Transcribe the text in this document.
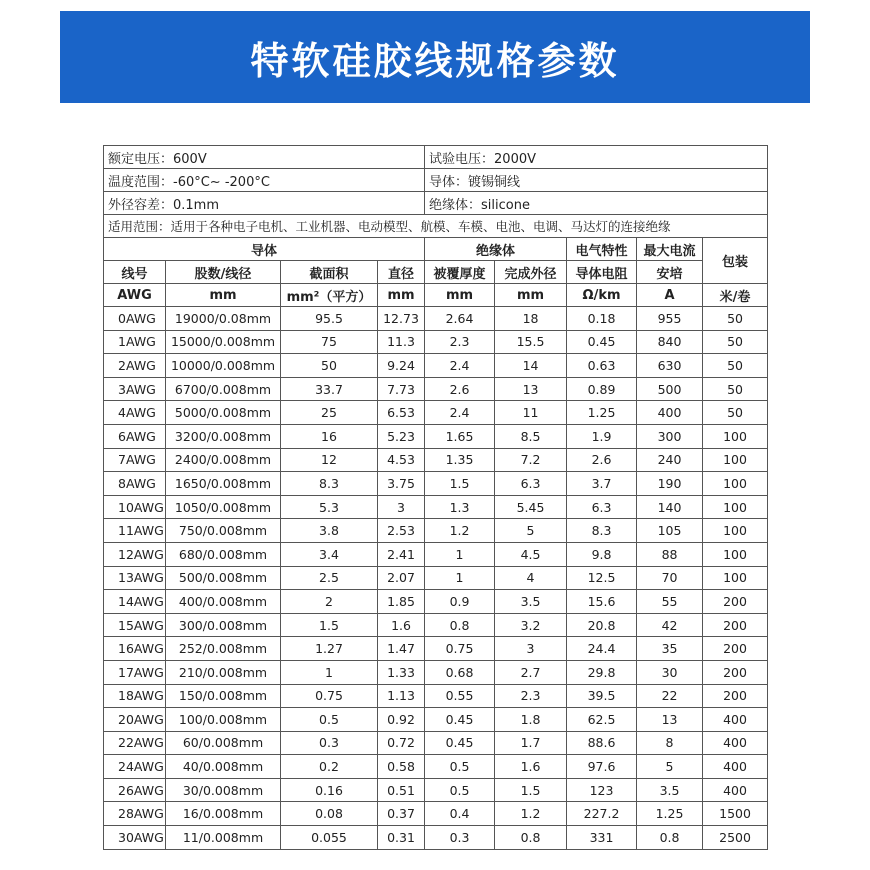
特软硅胶线规格参数
额定电压：600V				试验电压：2000V				
温度范围：-60°C~ -200°C				导体：镀锡铜线				
外径容差：0.1mm				绝缘体：silicone				
适用范围：适用于各种电子电机、工业机器、电动模型、航模、车模、电池、电调、马达灯的连接绝缘								
导体				绝缘体		电气特性	最大电流	包装
线号	股数/线径	截面积	直径	被覆厚度	完成外径	导体电阻	安培	
AWG	mm	mm²（平方）	mm	mm	mm	Ω/km	A	米/卷
0AWG	19000/0.08mm	95.5	12.73	2.64	18	0.18	955	50
1AWG	15000/0.008mm	75	11.3	2.3	15.5	0.45	840	50
2AWG	10000/0.008mm	50	9.24	2.4	14	0.63	630	50
3AWG	6700/0.008mm	33.7	7.73	2.6	13	0.89	500	50
4AWG	5000/0.008mm	25	6.53	2.4	11	1.25	400	50
6AWG	3200/0.008mm	16	5.23	1.65	8.5	1.9	300	100
7AWG	2400/0.008mm	12	4.53	1.35	7.2	2.6	240	100
8AWG	1650/0.008mm	8.3	3.75	1.5	6.3	3.7	190	100
10AWG	1050/0.008mm	5.3	3	1.3	5.45	6.3	140	100
11AWG	750/0.008mm	3.8	2.53	1.2	5	8.3	105	100
12AWG	680/0.008mm	3.4	2.41	1	4.5	9.8	88	100
13AWG	500/0.008mm	2.5	2.07	1	4	12.5	70	100
14AWG	400/0.008mm	2	1.85	0.9	3.5	15.6	55	200
15AWG	300/0.008mm	1.5	1.6	0.8	3.2	20.8	42	200
16AWG	252/0.008mm	1.27	1.47	0.75	3	24.4	35	200
17AWG	210/0.008mm	1	1.33	0.68	2.7	29.8	30	200
18AWG	150/0.008mm	0.75	1.13	0.55	2.3	39.5	22	200
20AWG	100/0.008mm	0.5	0.92	0.45	1.8	62.5	13	400
22AWG	60/0.008mm	0.3	0.72	0.45	1.7	88.6	8	400
24AWG	40/0.008mm	0.2	0.58	0.5	1.6	97.6	5	400
26AWG	30/0.008mm	0.16	0.51	0.5	1.5	123	3.5	400
28AWG	16/0.008mm	0.08	0.37	0.4	1.2	227.2	1.25	1500
30AWG	11/0.008mm	0.055	0.31	0.3	0.8	331	0.8	2500
